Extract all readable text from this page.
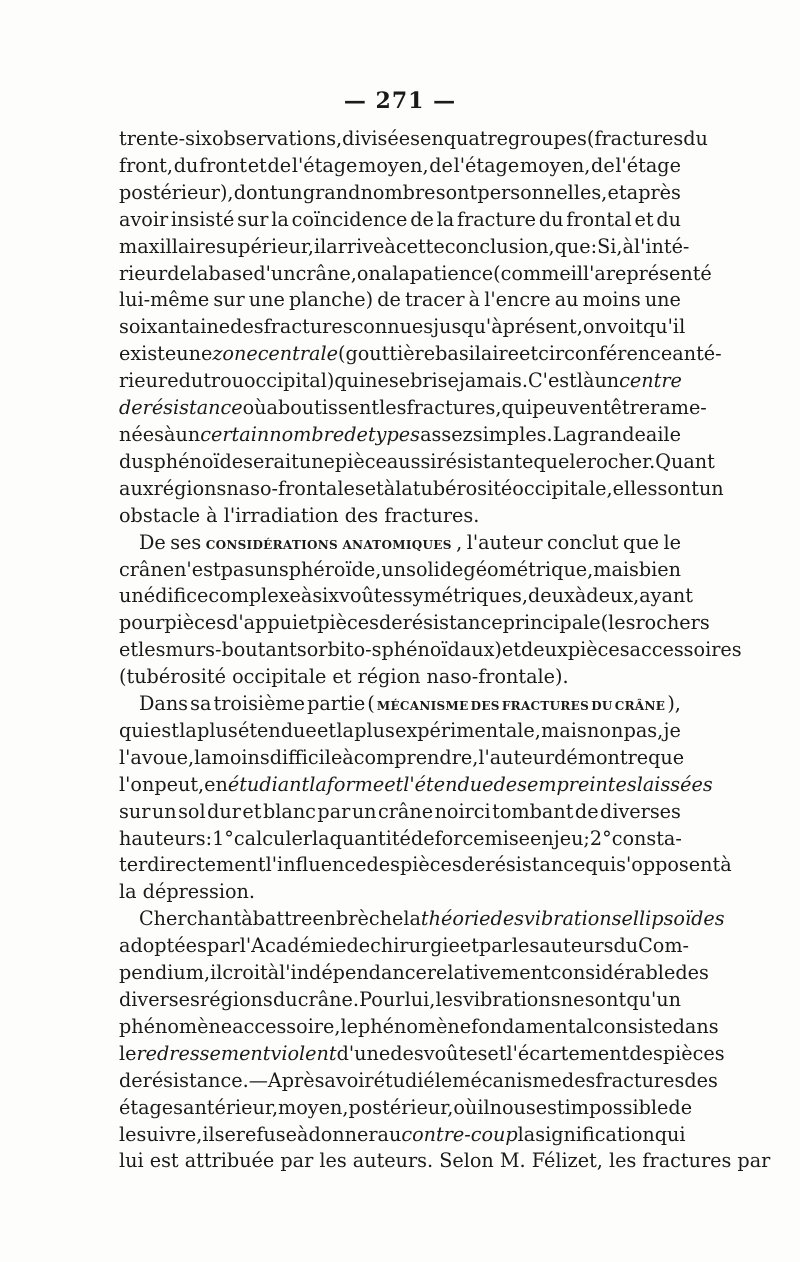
— 271 —
trente-six observations, divisées en quatre groupes (fractures du
front, du front et de l'étage moyen, de l'étage moyen, de l'étage
postérieur), dont un grand nombre sont personnelles, et après
avoir insisté sur la coïncidence de la fracture du frontal et du
maxillaire supérieur, il arrive à cette conclusion, que : Si, à l'inté-
rieur de la base d'un crâne, on a la patience (comme il l'a représenté
lui-même sur une planche) de tracer à l'encre au moins une
soixantaine des fractures connues jusqu'à présent, on voit qu'il
existe une zone centrale (gouttière basilaire et circonférence anté-
rieure du trou occipital) qui ne se brise jamais. C'est là un centre
de résistance où aboutissent les fractures, qui peuvent être rame-
nées à un certain nombre de types assez simples. La grande aile
du sphénoïde serait une pièce aussi résistante que le rocher. Quant
aux régions naso-frontales et à la tubérosité occipitale, elles sont un
obstacle à l'irradiation des fractures.
De ses considérations anatomiques , l'auteur conclut que le
crâne n'est pas un sphéroïde, un solide géométrique, mais bien
un édifice complexe à six voûtes symétriques, deux à deux, ayant
pour pièces d'appui et pièces de résistance principale (les rochers
et les murs-boutants orbito-sphénoïdaux) et deux pièces accessoires
(tubérosité occipitale et région naso-frontale).
Dans sa troisième partie ( mécanisme des fractures du crâne ),
qui est la plus étendue et la plus expérimentale, mais non pas, je
l'avoue, la moins difficile à comprendre, l'auteur démontre que
l'on peut, en étudiant la forme et l'étendue des empreintes laissées
sur un sol dur et blanc par un crâne noirci tombant de diverses
hauteurs : 1° calculer la quantité de force mise en jeu; 2° consta-
ter directement l'influence des pièces de résistance qui s'opposent à
la dépression.
Cherchant à battre en brèche la théorie des vibrations ellipsoïdes
adoptées par l'Académie de chirurgie et par les auteurs du Com-
pendium, il croit à l'indépendance relativement considérable des
diverses régions du crâne. Pour lui, les vibrations ne sont qu'un
phénomène accessoire, le phénomène fondamental consiste dans
le redressement violent d'une des voûtes et l'écartement des pièces
de résistance. — Après avoir étudié le mécanisme des fractures des
étages antérieur, moyen, postérieur, où il nous est impossible de
le suivre, il se refuse à donner au contre-coup la signification qui
lui est attribuée par les auteurs. Selon M. Félizet, les fractures par
